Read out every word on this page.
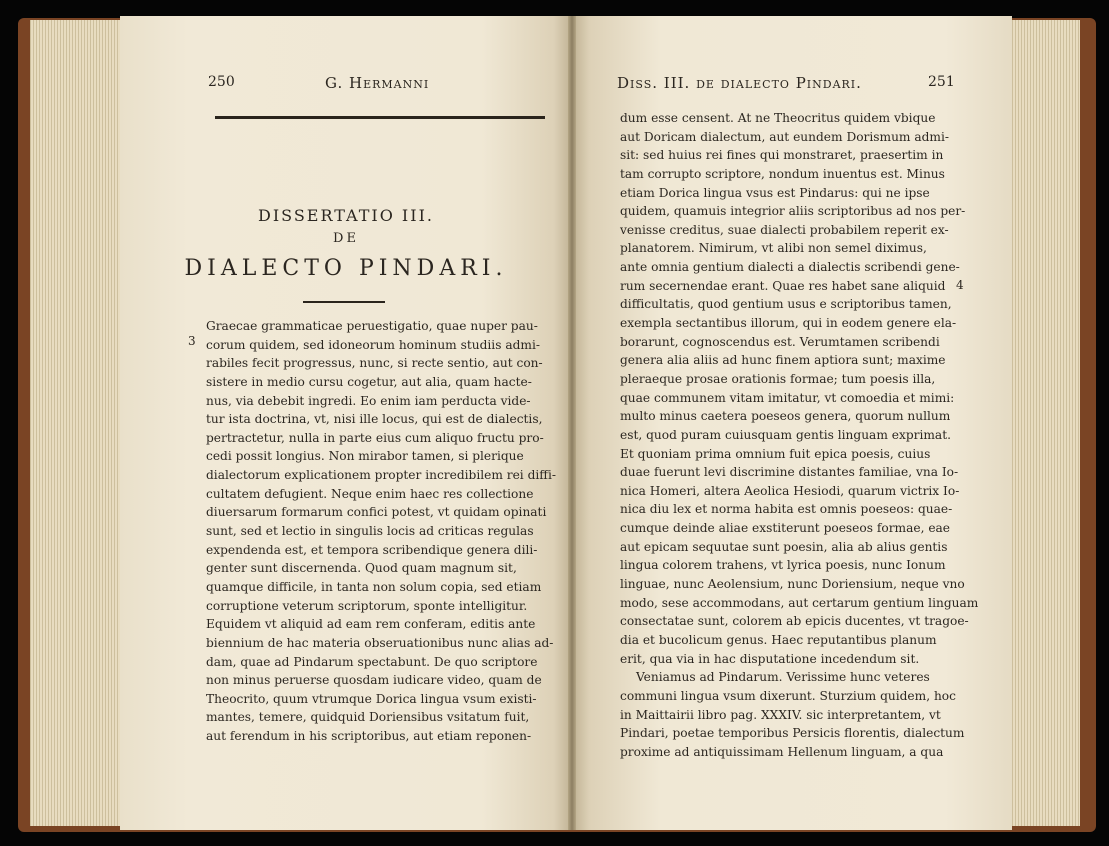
250	G. Hermanni
DISSERTATIO III.
DE
DIALECTO PINDARI.
3
Graecae grammaticae peruestigatio, quae nuper pau-
corum quidem, sed idoneorum hominum studiis admi-
rabiles fecit progressus, nunc, si recte sentio, aut con-
sistere in medio cursu cogetur, aut alia, quam hacte-
nus, via debebit ingredi. Eo enim iam perducta vide-
tur ista doctrina, vt, nisi ille locus, qui est de dialectis,
pertractetur, nulla in parte eius cum aliquo fructu pro-
cedi possit longius. Non mirabor tamen, si plerique
dialectorum explicationem propter incredibilem rei diffi-
cultatem defugient. Neque enim haec res collectione
diuersarum formarum confici potest, vt quidam opinati
sunt, sed et lectio in singulis locis ad criticas regulas
expendenda est, et tempora scribendique genera dili-
genter sunt discernenda. Quod quam magnum sit,
quamque difficile, in tanta non solum copia, sed etiam
corruptione veterum scriptorum, sponte intelligitur.
Equidem vt aliquid ad eam rem conferam, editis ante
biennium de hac materia obseruationibus nunc alias ad-
dam, quae ad Pindarum spectabunt. De quo scriptore
non minus peruerse quosdam iudicare video, quam de
Theocrito, quum vtrumque Dorica lingua vsum existi-
mantes, temere, quidquid Doriensibus vsitatum fuit,
aut ferendum in his scriptoribus, aut etiam reponen-
Diss. III. de dialecto Pindari.	251
4
dum esse censent. At ne Theocritus quidem vbique
aut Doricam dialectum, aut eundem Dorismum admi-
sit: sed huius rei fines qui monstraret, praesertim in
tam corrupto scriptore, nondum inuentus est. Minus
etiam Dorica lingua vsus est Pindarus: qui ne ipse
quidem, quamuis integrior aliis scriptoribus ad nos per-
venisse creditus, suae dialecti probabilem reperit ex-
planatorem. Nimirum, vt alibi non semel diximus,
ante omnia gentium dialecti a dialectis scribendi gene-
rum secernendae erant. Quae res habet sane aliquid
difficultatis, quod gentium usus e scriptoribus tamen,
exempla sectantibus illorum, qui in eodem genere ela-
borarunt, cognoscendus est. Verumtamen scribendi
genera alia aliis ad hunc finem aptiora sunt; maxime
pleraeque prosae orationis formae; tum poesis illa,
quae communem vitam imitatur, vt comoedia et mimi:
multo minus caetera poeseos genera, quorum nullum
est, quod puram cuiusquam gentis linguam exprimat.
Et quoniam prima omnium fuit epica poesis, cuius
duae fuerunt levi discrimine distantes familiae, vna Io-
nica Homeri, altera Aeolica Hesiodi, quarum victrix Io-
nica diu lex et norma habita est omnis poeseos: quae-
cumque deinde aliae exstiterunt poeseos formae, eae
aut epicam sequutae sunt poesin, alia ab alius gentis
lingua colorem trahens, vt lyrica poesis, nunc Ionum
linguae, nunc Aeolensium, nunc Doriensium, neque vno
modo, sese accommodans, aut certarum gentium linguam
consectatae sunt, colorem ab epicis ducentes, vt tragoe-
dia et bucolicum genus. Haec reputantibus planum
erit, qua via in hac disputatione incedendum sit.
Veniamus ad Pindarum. Verissime hunc veteres
communi lingua vsum dixerunt. Sturzium quidem, hoc
in Maittairii libro pag. XXXIV. sic interpretantem, vt
Pindari, poetae temporibus Persicis florentis, dialectum
proxime ad antiquissimam Hellenum linguam, a qua
